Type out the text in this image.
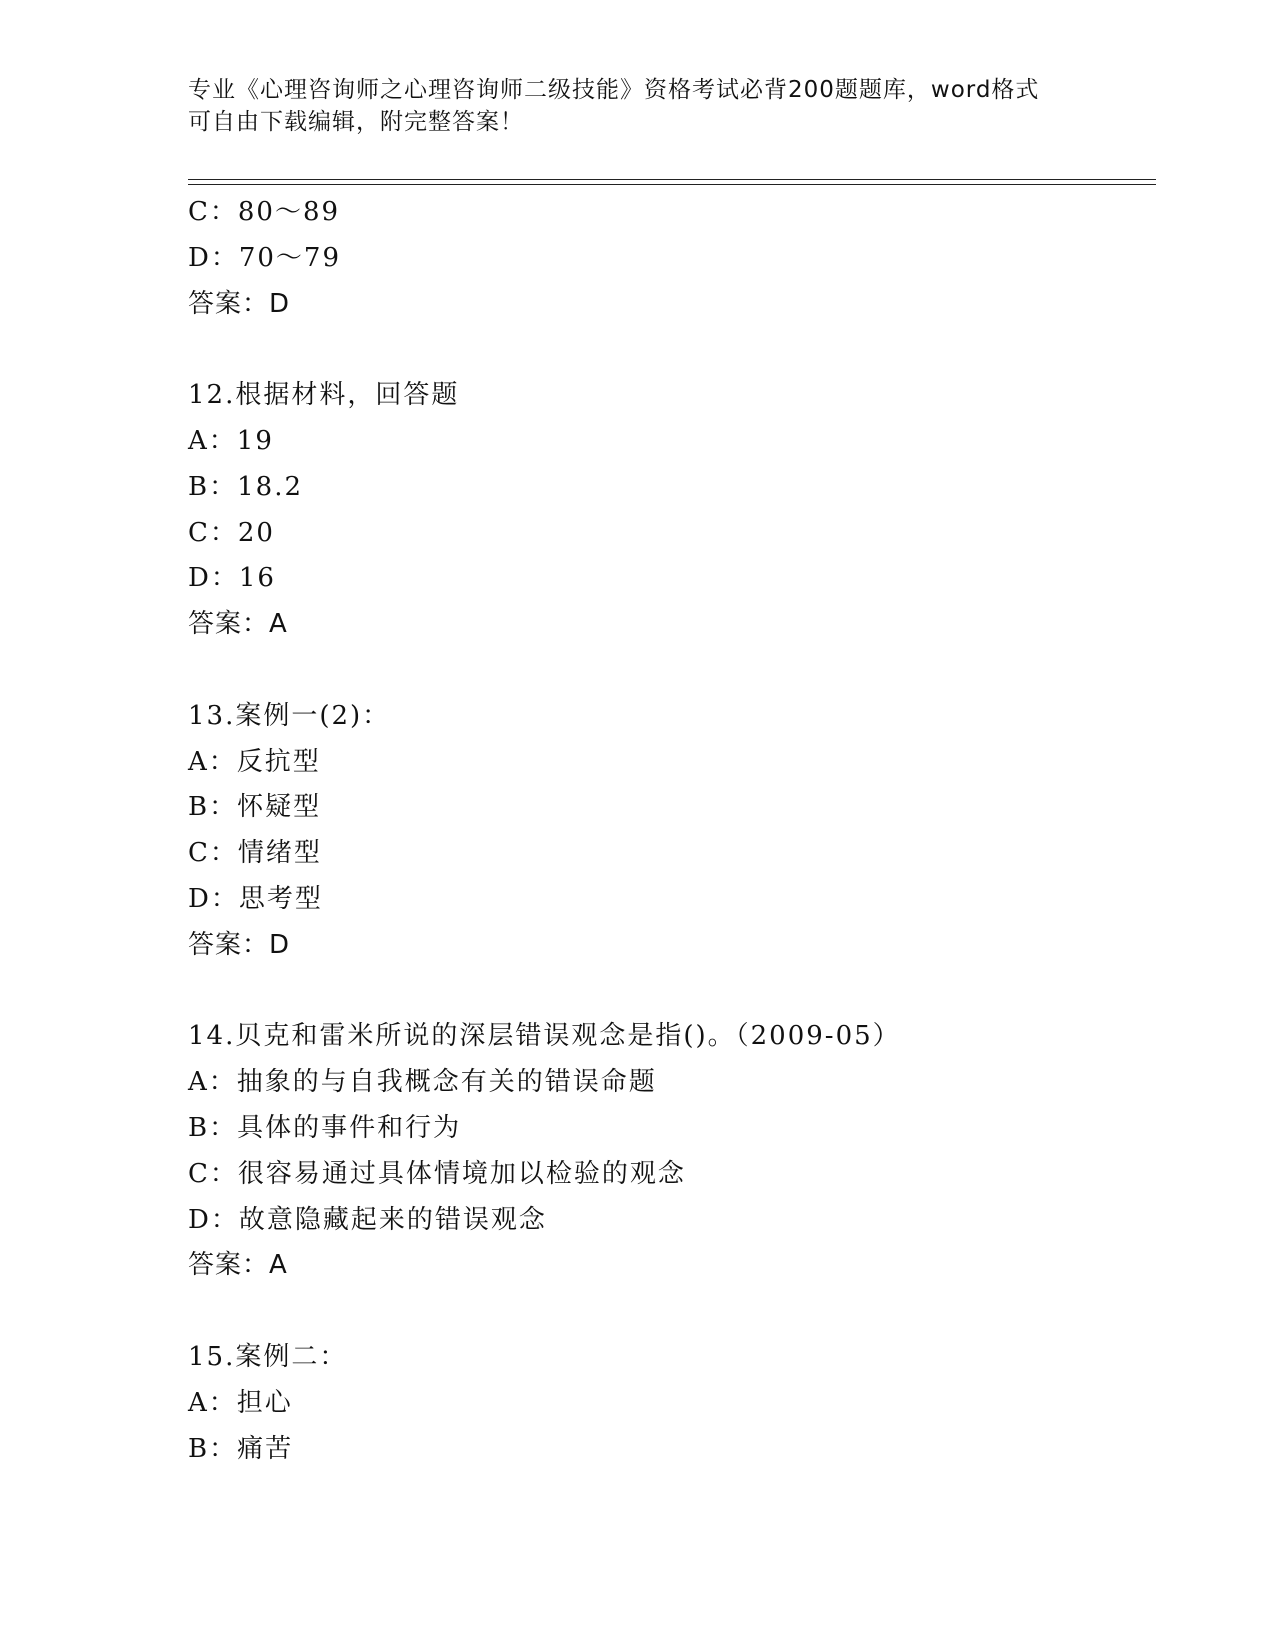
专业《心理咨询师之心理咨询师二级技能》资格考试必背200题题库，word格式
可自由下载编辑，附完整答案！
C：80～89
D：70～79
答案：D
12.根据材料，回答题
A：19
B：18.2
C：20
D：16
答案：A
13.案例一(2)：
A：反抗型
B：怀疑型
C：情绪型
D：思考型
答案：D
14.贝克和雷米所说的深层错误观念是指()。（2009-05）
A：抽象的与自我概念有关的错误命题
B：具体的事件和行为
C：很容易通过具体情境加以检验的观念
D：故意隐藏起来的错误观念
答案：A
15.案例二：
A：担心
B：痛苦
